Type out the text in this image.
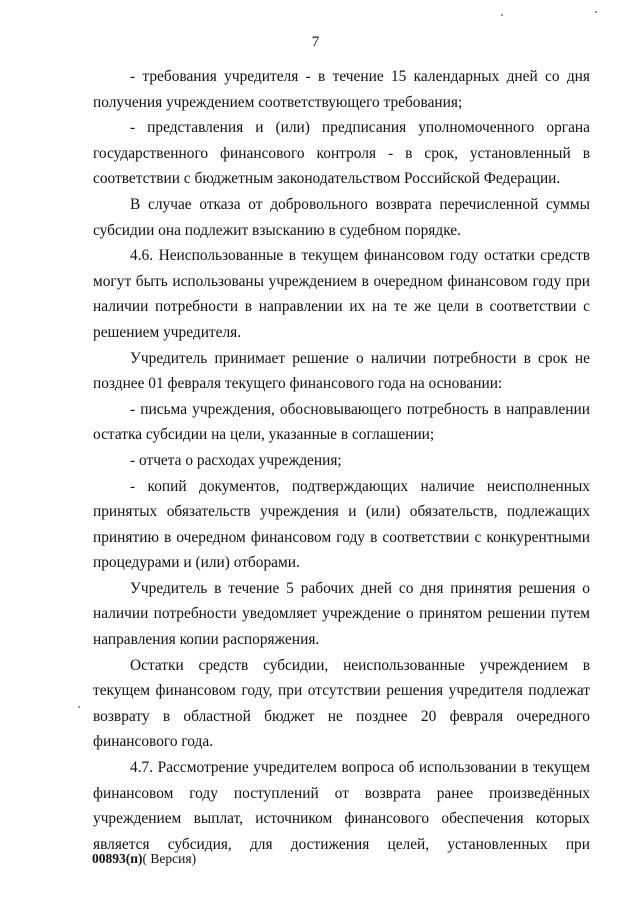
7

- требования учредителя - в течение 15 календарных дней со дня получения учреждением соответствующего требования;

- представления и (или) предписания уполномоченного органа государственного финансового контроля - в срок, установленный в соответствии с бюджетным законодательством Российской Федерации.

В случае отказа от добровольного возврата перечисленной суммы субсидии она подлежит взысканию в судебном порядке.

4.6. Неиспользованные в текущем финансовом году остатки средств могут быть использованы учреждением в очередном финансовом году при наличии потребности в направлении их на те же цели в соответствии с решением учредителя.

Учредитель принимает решение о наличии потребности в срок не позднее 01 февраля текущего финансового года на основании:

- письма учреждения, обосновывающего потребность в направлении остатка субсидии на цели, указанные в соглашении;

- отчета о расходах учреждения;

- копий документов, подтверждающих наличие неисполненных принятых обязательств учреждения и (или) обязательств, подлежащих принятию в очередном финансовом году в соответствии с конкурентными процедурами и (или) отборами.

Учредитель в течение 5 рабочих дней со дня принятия решения о наличии потребности уведомляет учреждение о принятом решении путем направления копии распоряжения.

Остатки средств субсидии, неиспользованные учреждением в текущем финансовом году, при отсутствии решения учредителя подлежат возврату в областной бюджет не позднее 20 февраля очередного финансового года.

4.7. Рассмотрение учредителем вопроса об использовании в текущем финансовом году поступлений от возврата ранее произведённых учреждением выплат, источником финансового обеспечения которых является субсидия, для достижения целей, установленных при

00893(п)( Версия)
